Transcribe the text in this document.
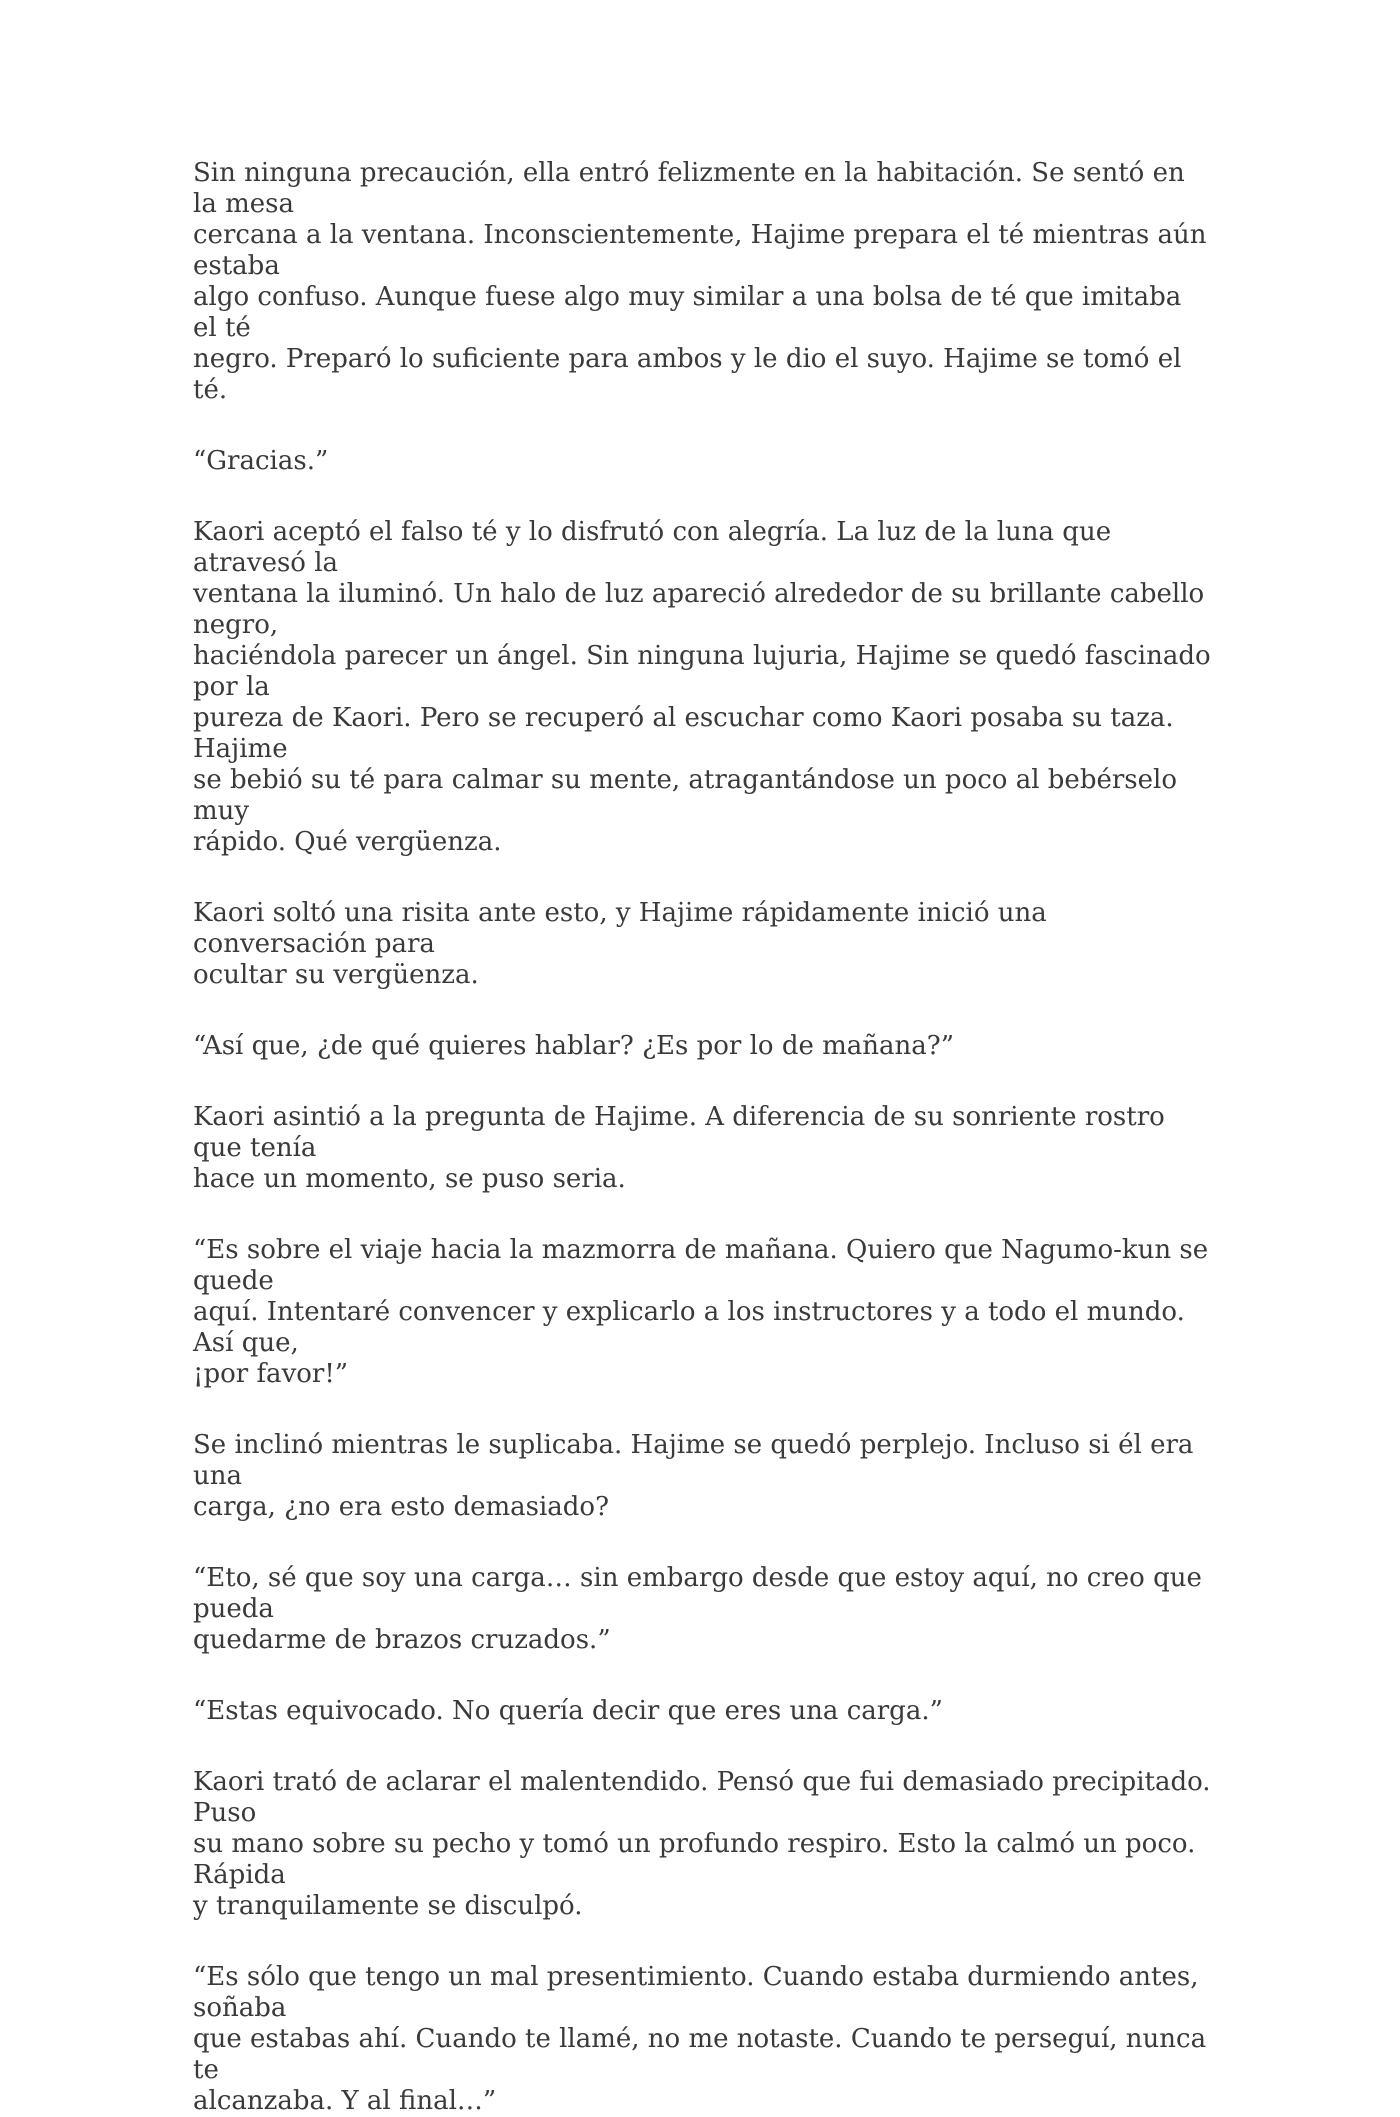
Sin ninguna precaución, ella entró felizmente en la habitación. Se sentó en la mesa
cercana a la ventana. Inconscientemente, Hajime prepara el té mientras aún estaba
algo confuso. Aunque fuese algo muy similar a una bolsa de té que imitaba el té
negro. Preparó lo suficiente para ambos y le dio el suyo. Hajime se tomó el té.

“Gracias.”

Kaori aceptó el falso té y lo disfrutó con alegría. La luz de la luna que atravesó la
ventana la iluminó. Un halo de luz apareció alrededor de su brillante cabello negro,
haciéndola parecer un ángel. Sin ninguna lujuria, Hajime se quedó fascinado por la
pureza de Kaori. Pero se recuperó al escuchar como Kaori posaba su taza. Hajime
se bebió su té para calmar su mente, atragantándose un poco al bebérselo muy
rápido. Qué vergüenza.

Kaori soltó una risita ante esto, y Hajime rápidamente inició una conversación para
ocultar su vergüenza.

“Así que, ¿de qué quieres hablar? ¿Es por lo de mañana?”

Kaori asintió a la pregunta de Hajime. A diferencia de su sonriente rostro que tenía
hace un momento, se puso seria.

“Es sobre el viaje hacia la mazmorra de mañana. Quiero que Nagumo-kun se quede
aquí. Intentaré convencer y explicarlo a los instructores y a todo el mundo. Así que,
¡por favor!”

Se inclinó mientras le suplicaba. Hajime se quedó perplejo. Incluso si él era una
carga, ¿no era esto demasiado?

“Eto, sé que soy una carga… sin embargo desde que estoy aquí, no creo que pueda
quedarme de brazos cruzados.”

“Estas equivocado. No quería decir que eres una carga.”

Kaori trató de aclarar el malentendido. Pensó que fui demasiado precipitado. Puso
su mano sobre su pecho y tomó un profundo respiro. Esto la calmó un poco. Rápida
y tranquilamente se disculpó.

“Es sólo que tengo un mal presentimiento. Cuando estaba durmiendo antes, soñaba
que estabas ahí. Cuando te llamé, no me notaste. Cuando te perseguí, nunca te
alcanzaba. Y al final…”
